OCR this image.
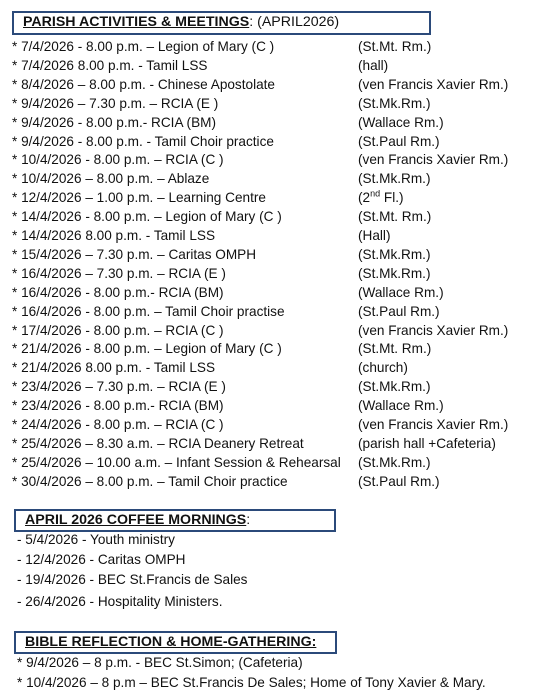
PARISH ACTIVITIES & MEETINGS: (APRIL2026)
* 7/4/2026 - 8.00 p.m. – Legion of Mary (C )	(St.Mt. Rm.)
* 7/4/2026 8.00 p.m. - Tamil LSS	(hall)
* 8/4/2026 – 8.00 p.m. - Chinese Apostolate	(ven Francis Xavier Rm.)
* 9/4/2026 – 7.30 p.m. – RCIA (E )	(St.Mk.Rm.)
* 9/4/2026 - 8.00 p.m.- RCIA (BM)	(Wallace Rm.)
* 9/4/2026 - 8.00 p.m. - Tamil Choir practice	(St.Paul Rm.)
* 10/4/2026 - 8.00 p.m. – RCIA (C )	(ven Francis Xavier Rm.)
* 10/4/2026 – 8.00 p.m. – Ablaze	(St.Mk.Rm.)
* 12/4/2026 – 1.00 p.m. – Learning Centre	(2nd Fl.)
* 14/4/2026 - 8.00 p.m. – Legion of Mary (C )	(St.Mt. Rm.)
* 14/4/2026 8.00 p.m. - Tamil LSS	(Hall)
* 15/4/2026 – 7.30 p.m. – Caritas OMPH	(St.Mk.Rm.)
* 16/4/2026 – 7.30 p.m. – RCIA (E )	(St.Mk.Rm.)
* 16/4/2026 - 8.00 p.m.- RCIA (BM)	(Wallace Rm.)
* 16/4/2026 - 8.00 p.m. – Tamil Choir practise	(St.Paul Rm.)
* 17/4/2026 - 8.00 p.m. – RCIA (C )	(ven Francis Xavier Rm.)
* 21/4/2026 - 8.00 p.m. – Legion of Mary (C )	(St.Mt. Rm.)
* 21/4/2026 8.00 p.m. - Tamil LSS	(church)
* 23/4/2026 – 7.30 p.m. – RCIA (E )	(St.Mk.Rm.)
* 23/4/2026 - 8.00 p.m.- RCIA (BM)	(Wallace Rm.)
* 24/4/2026 - 8.00 p.m. – RCIA (C )	(ven Francis Xavier Rm.)
* 25/4/2026 – 8.30 a.m. – RCIA Deanery Retreat	(parish hall +Cafeteria)
* 25/4/2026 – 10.00 a.m. – Infant Session & Rehearsal (St.Mk.Rm.)
* 30/4/2026 – 8.00 p.m. – Tamil Choir practice	(St.Paul Rm.)
APRIL 2026 COFFEE MORNINGS:
- 5/4/2026 - Youth ministry
- 12/4/2026 - Caritas OMPH
- 19/4/2026 - BEC St.Francis de Sales
- 26/4/2026 - Hospitality Ministers.
BIBLE REFLECTION & HOME-GATHERING:
* 9/4/2026 – 8 p.m. - BEC St.Simon; (Cafeteria)
* 10/4/2026 – 8 p.m – BEC St.Francis De Sales; Home of Tony Xavier & Mary.
